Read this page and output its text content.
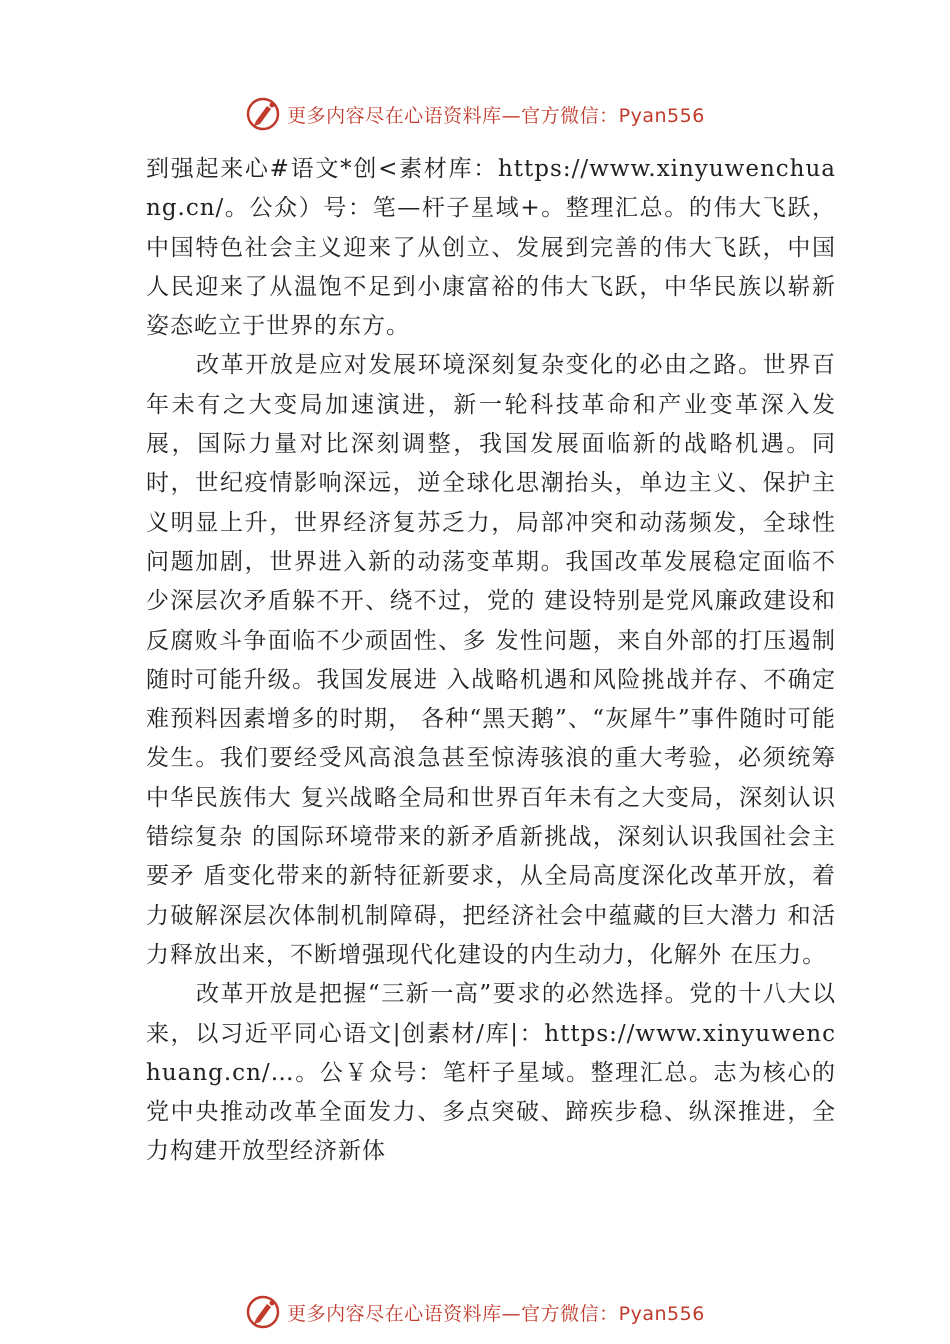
更多内容尽在心语资料库—官方微信：Pyan556

到强起来心#语文*创<素材库：https://www.xinyuwenchuang.cn/。公众）号：笔—杆子星域+。整理汇总。的伟大飞跃，中国特色社会主义迎来了从创立、发展到完善的伟大飞跃，中国人民迎来了从温饱不足到小康富裕的伟大飞跃，中华民族以崭新姿态屹立于世界的东方。

改革开放是应对发展环境深刻复杂变化的必由之路。世界百年未有之大变局加速演进，新一轮科技革命和产业变革深入发展，国际力量对比深刻调整，我国发展面临新的战略机遇。同时，世纪疫情影响深远，逆全球化思潮抬头，单边主义、保护主义明显上升，世界经济复苏乏力，局部冲突和动荡频发，全球性问题加剧，世界进入新的动荡变革期。我国改革发展稳定面临不少深层次矛盾躲不开、绕不过，党的 建设特别是党风廉政建设和反腐败斗争面临不少顽固性、多 发性问题，来自外部的打压遏制随时可能升级。我国发展进 入战略机遇和风险挑战并存、不确定难预料因素增多的时期， 各种“黑天鹅”、“灰犀牛”事件随时可能发生。我们要经受风高浪急甚至惊涛骇浪的重大考验，必须统筹中华民族伟大 复兴战略全局和世界百年未有之大变局，深刻认识错综复杂 的国际环境带来的新矛盾新挑战，深刻认识我国社会主要矛 盾变化带来的新特征新要求，从全局高度深化改革开放，着 力破解深层次体制机制障碍，把经济社会中蕴藏的巨大潜力 和活力释放出来，不断增强现代化建设的内生动力，化解外 在压力。

改革开放是把握“三新一高”要求的必然选择。党的十八大以来，以习近平同心语文|创素材/库|：https://www.xinyuwenchuang.cn/…。公￥众号：笔杆子星域。整理汇总。志为核心的党中央推动改革全面发力、多点突破、蹄疾步稳、纵深推进，全力构建开放型经济新体

更多内容尽在心语资料库—官方微信：Pyan556
